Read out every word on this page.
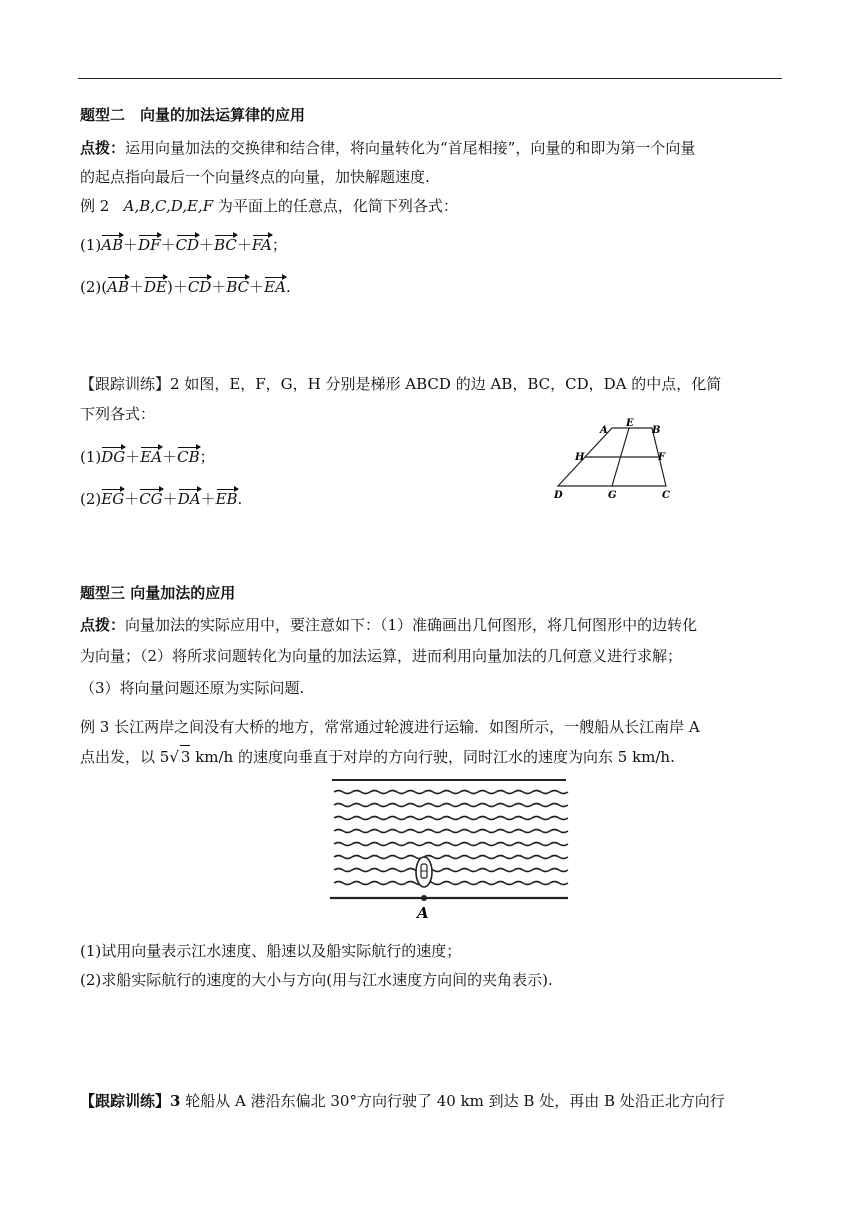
题型二　向量的加法运算律的应用
点拨：运用向量加法的交换律和结合律，将向量转化为“首尾相接”，向量的和即为第一个向量
的起点指向最后一个向量终点的向量，加快解题速度.
例 2 A,B,C,D,E,F 为平面上的任意点，化简下列各式：
(1)AB＋DF＋CD＋BC＋FA；
(2)(AB＋DE)＋CD＋BC＋EA.
【跟踪训练】2 如图，E，F，G，H 分别是梯形 ABCD 的边 AB，BC，CD，DA 的中点，化简
下列各式：
(1)DG＋EA＋CB；
(2)EG＋CG＋DA＋EB.
A
E
B
H	F
D	G	C
题型三 向量加法的应用
点拨：向量加法的实际应用中，要注意如下：（1）准确画出几何图形，将几何图形中的边转化
为向量；（2）将所求问题转化为向量的加法运算，进而利用向量加法的几何意义进行求解；
（3）将向量问题还原为实际问题.
例 3 长江两岸之间没有大桥的地方，常常通过轮渡进行运输．如图所示，一艘船从长江南岸 A
点出发，以 5√ 3 km/h 的速度向垂直于对岸的方向行驶，同时江水的速度为向东 5 km/h.
A
(1)试用向量表示江水速度、船速以及船实际航行的速度；
(2)求船实际航行的速度的大小与方向(用与江水速度方向间的夹角表示).
【跟踪训练】3 轮船从 A 港沿东偏北 30°方向行驶了 40 km 到达 B 处，再由 B 处沿正北方向行
